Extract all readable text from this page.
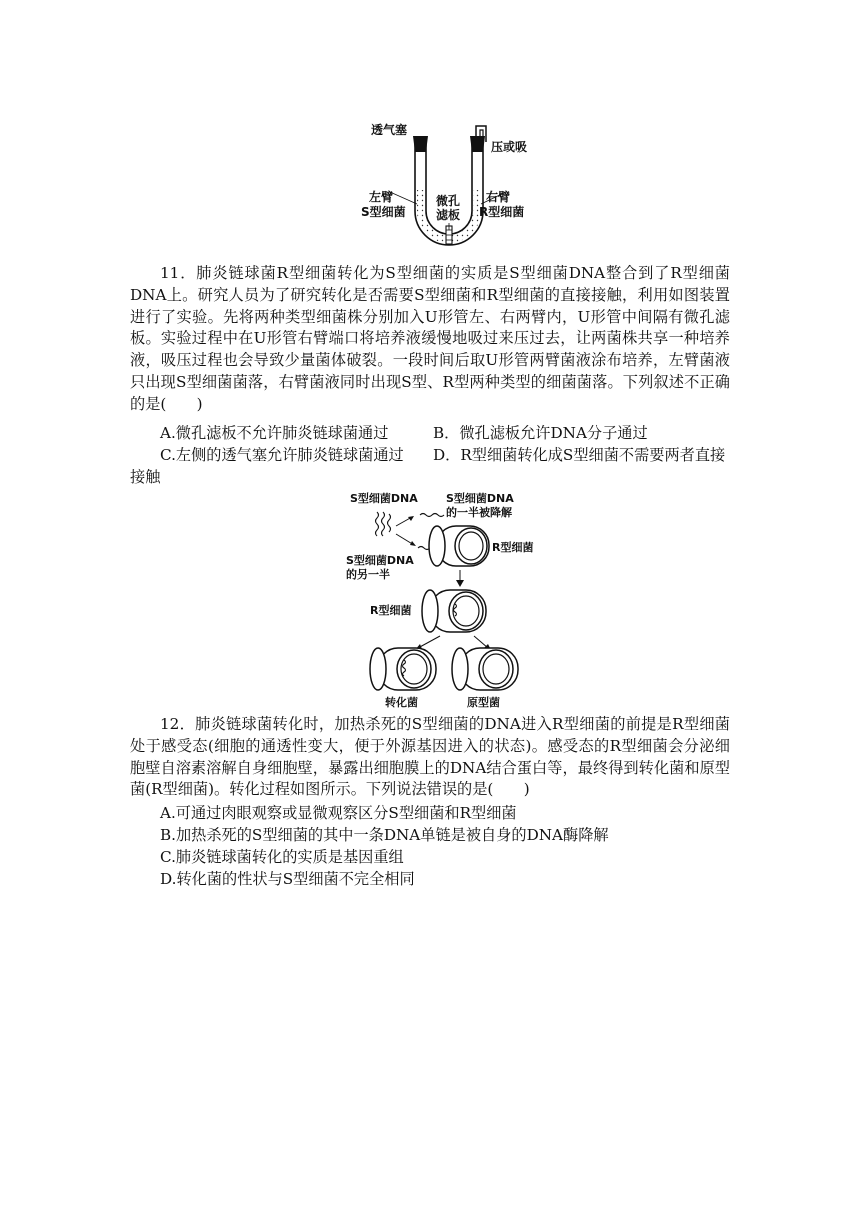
透气塞
压或吸
左臂
S型细菌
微孔
滤板
右臂
R型细菌

11．肺炎链球菌R型细菌转化为S型细菌的实质是S型细菌DNA整合到了R型细菌DNA上。研究人员为了研究转化是否需要S型细菌和R型细菌的直接接触，利用如图装置进行了实验。先将两种类型细菌株分别加入U形管左、右两臂内，U形管中间隔有微孔滤板。实验过程中在U形管右臂端口将培养液缓慢地吸过来压过去，让两菌株共享一种培养液，吸压过程也会导致少量菌体破裂。一段时间后取U形管两臂菌液涂布培养，左臂菌液只出现S型细菌菌落，右臂菌液同时出现S型、R型两种类型的细菌菌落。下列叙述不正确的是(　　)

A.微孔滤板不允许肺炎链球菌通过	B．微孔滤板允许DNA分子通过
C.左侧的透气塞允许肺炎链球菌通过 D．R型细菌转化成S型细菌不需要两者直接
接触
S型细菌DNA	S型细菌DNA
的一半被降解
S型细菌DNA
的另一半
R型细菌
R型细菌
转化菌	原型菌

12．肺炎链球菌转化时，加热杀死的S型细菌的DNA进入R型细菌的前提是R型细菌处于感受态(细胞的通透性变大，便于外源基因进入的状态)。感受态的R型细菌会分泌细胞壁自溶素溶解自身细胞壁，暴露出细胞膜上的DNA结合蛋白等，最终得到转化菌和原型菌(R型细菌)。转化过程如图所示。下列说法错误的是(　　)

A.可通过肉眼观察或显微观察区分S型细菌和R型细菌
B.加热杀死的S型细菌的其中一条DNA单链是被自身的DNA酶降解
C.肺炎链球菌转化的实质是基因重组
D.转化菌的性状与S型细菌不完全相同
